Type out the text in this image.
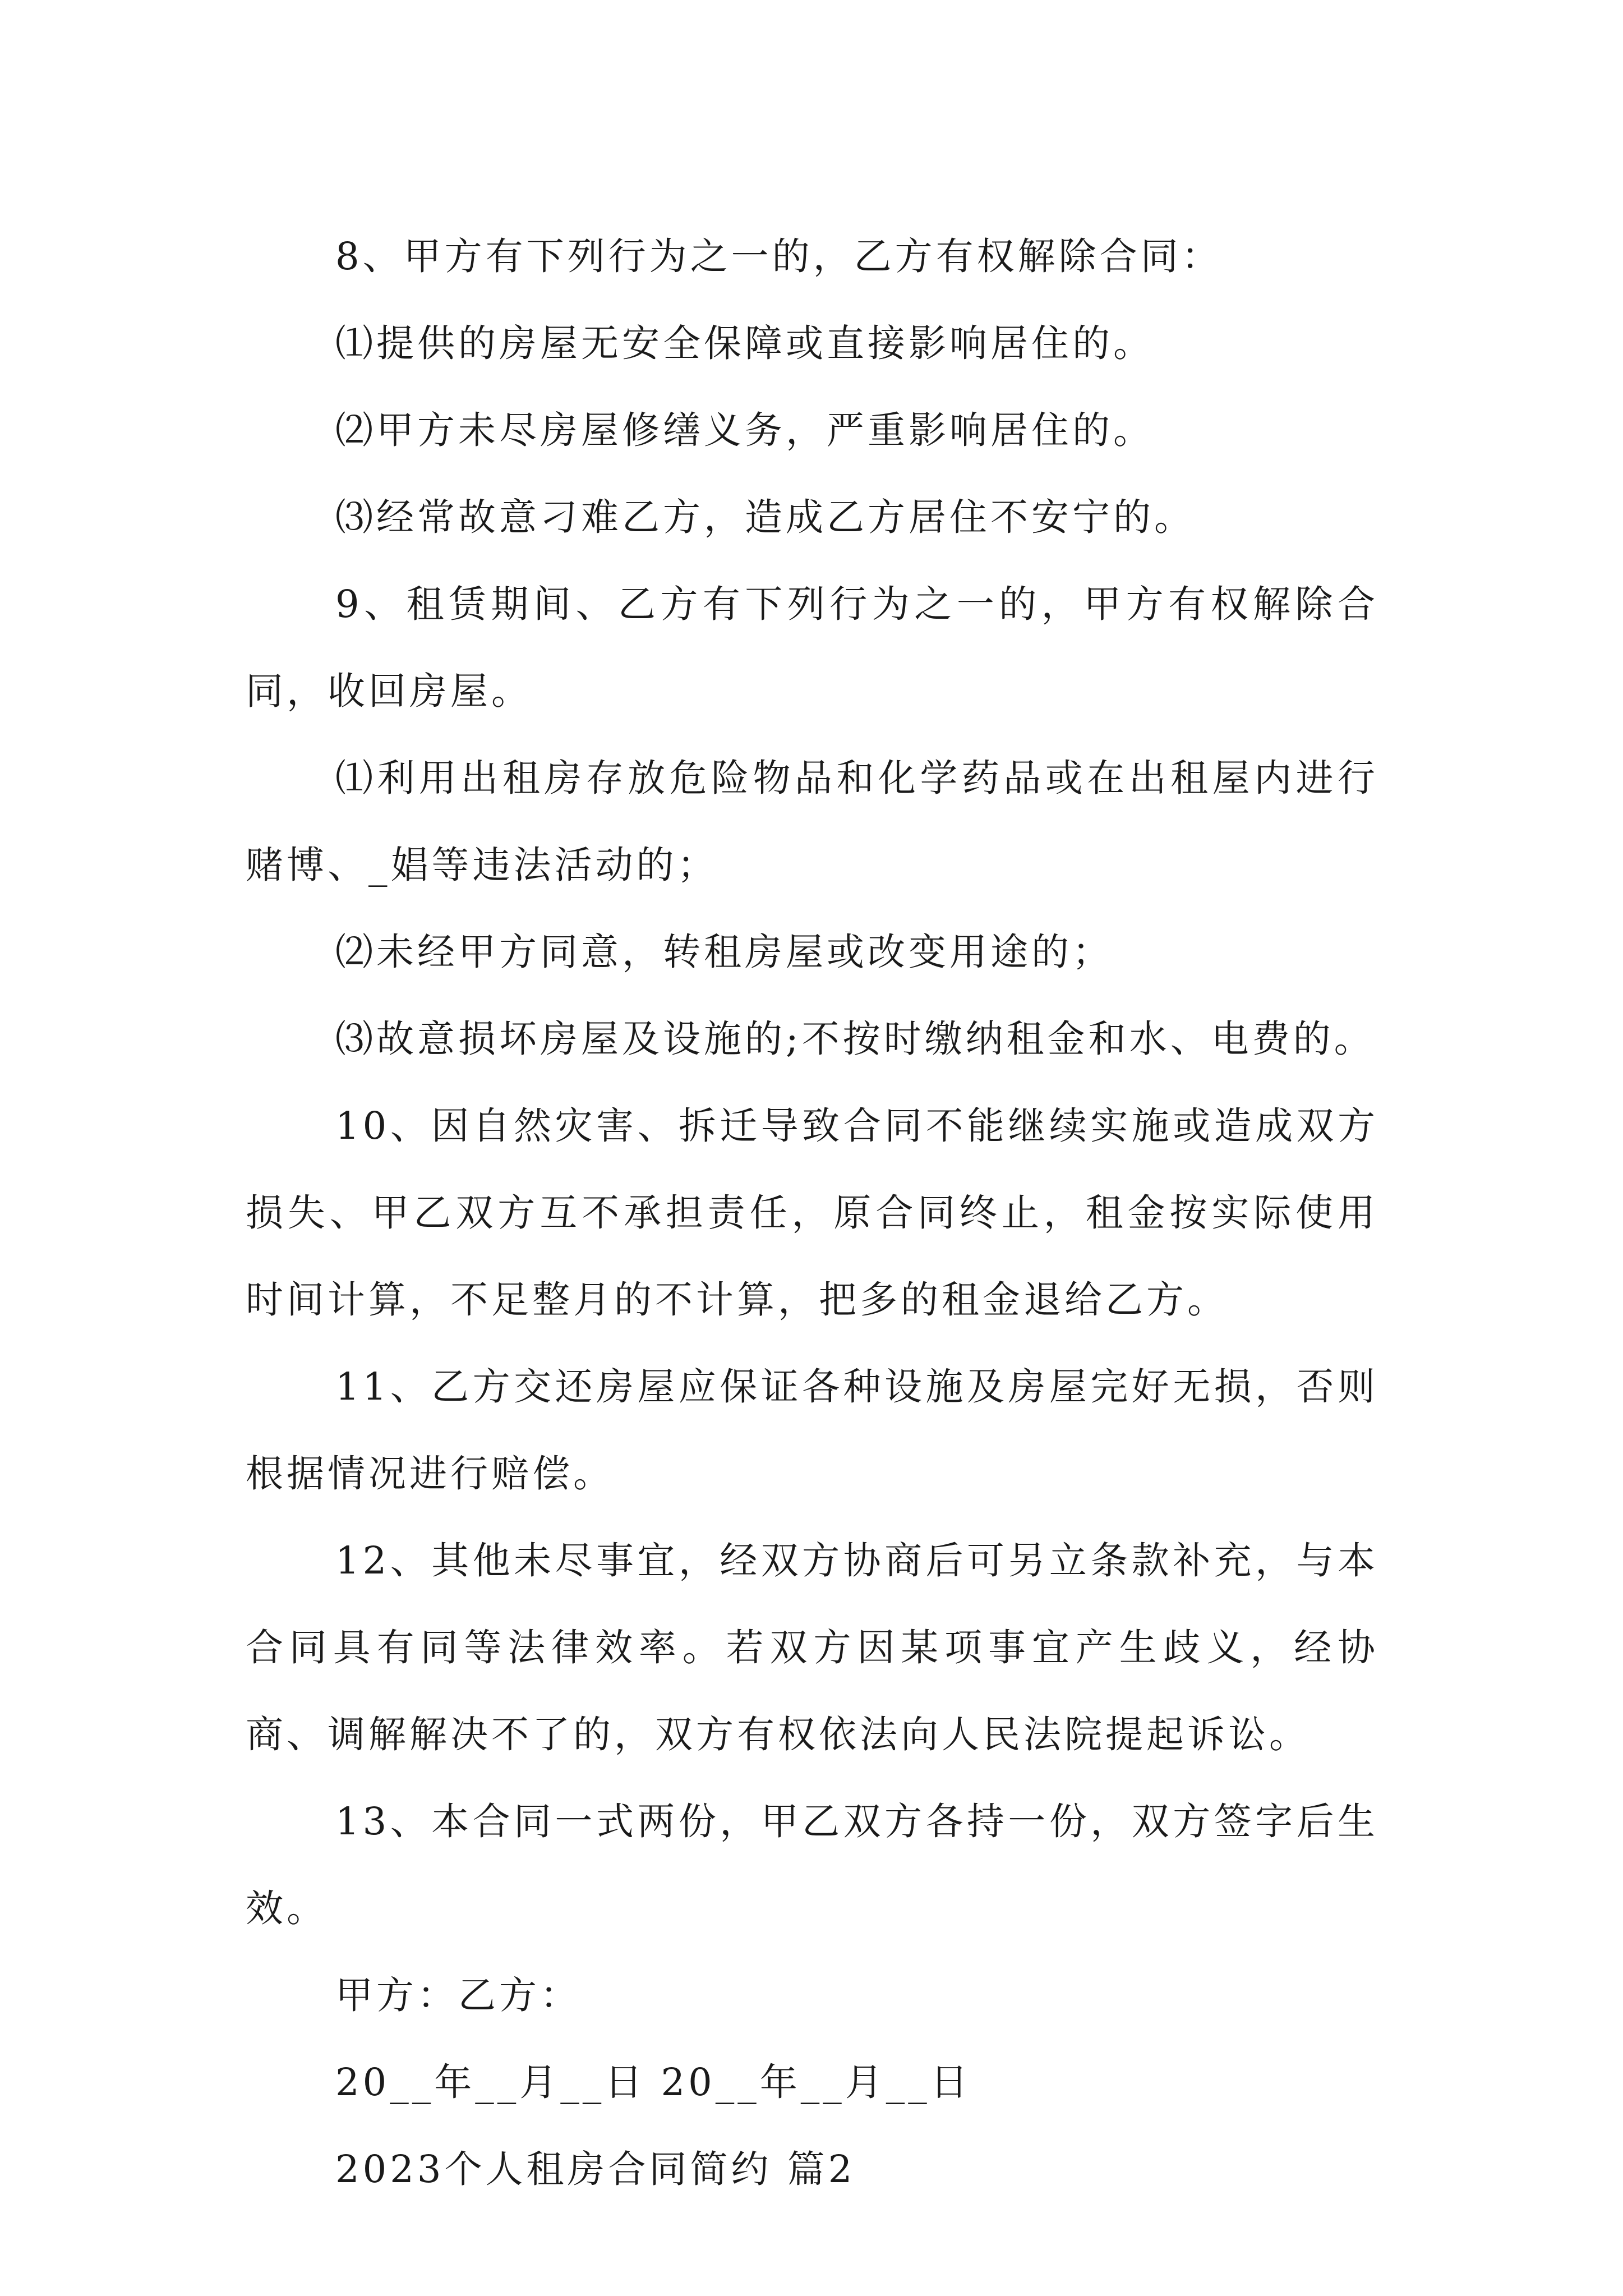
8、甲方有下列行为之一的，乙方有权解除合同：

⑴提供的房屋无安全保障或直接影响居住的。

⑵甲方未尽房屋修缮义务，严重影响居住的。

⑶经常故意刁难乙方，造成乙方居住不安宁的。

9、租赁期间、乙方有下列行为之一的，甲方有权解除合同，收回房屋。

⑴利用出租房存放危险物品和化学药品或在出租屋内进行赌博、_娼等违法活动的；

⑵未经甲方同意，转租房屋或改变用途的；

⑶故意损坏房屋及设施的;不按时缴纳租金和水、电费的。

10、因自然灾害、拆迁导致合同不能继续实施或造成双方损失、甲乙双方互不承担责任，原合同终止，租金按实际使用时间计算，不足整月的不计算，把多的租金退给乙方。

11、乙方交还房屋应保证各种设施及房屋完好无损，否则根据情况进行赔偿。

12、其他未尽事宜，经双方协商后可另立条款补充，与本合同具有同等法律效率。若双方因某项事宜产生歧义，经协商、调解解决不了的，双方有权依法向人民法院提起诉讼。

13、本合同一式两份，甲乙双方各持一份，双方签字后生效。

甲方：乙方：

20__年__月__日 20__年__月__日

2023个人租房合同简约 篇2
